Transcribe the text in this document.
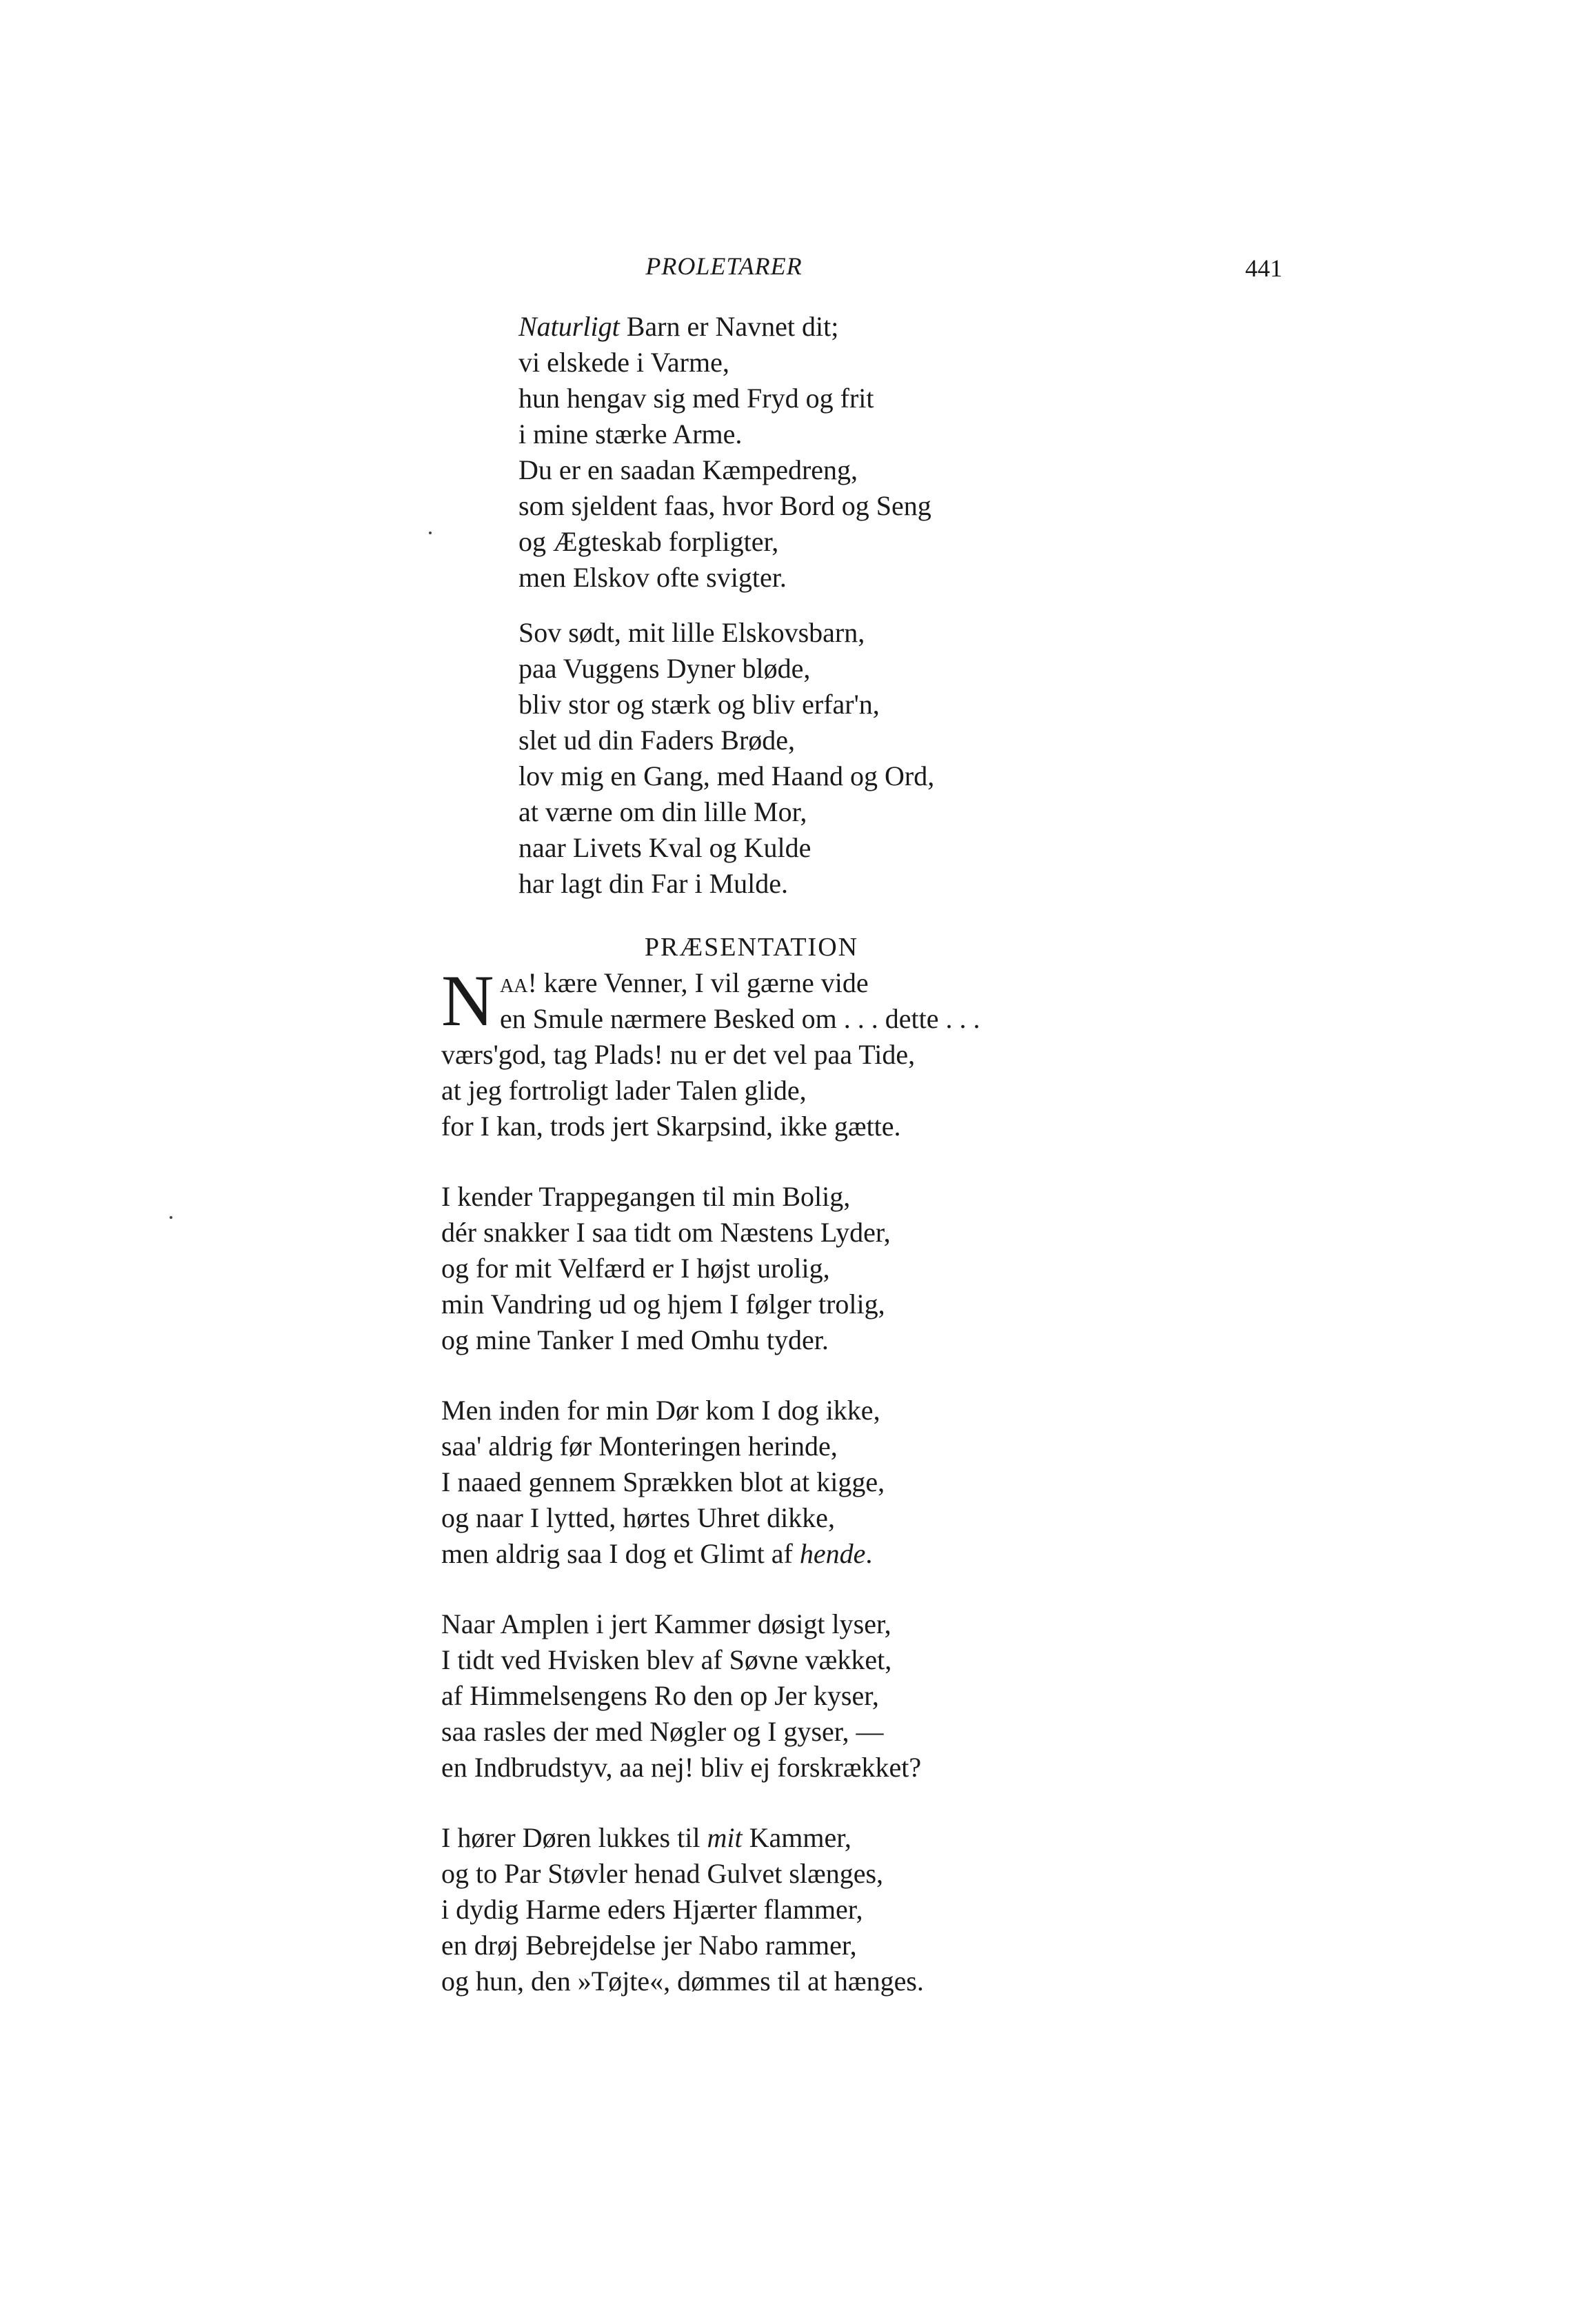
PROLETARER	441
Naturligt Barn er Navnet dit;
vi elskede i Varme,
hun hengav sig med Fryd og frit
i mine stærke Arme.
Du er en saadan Kæmpedreng,
som sjeldent faas, hvor Bord og Seng
og Ægteskab forpligter,
men Elskov ofte svigter.
Sov sødt, mit lille Elskovsbarn,
paa Vuggens Dyner bløde,
bliv stor og stærk og bliv erfar'n,
slet ud din Faders Brøde,
lov mig en Gang, med Haand og Ord,
at værne om din lille Mor,
naar Livets Kval og Kulde
har lagt din Far i Mulde.
PRÆSENTATION
N aa! kære Venner, I vil gærne vide
en Smule nærmere Besked om . . . dette . . .
værs'god, tag Plads! nu er det vel paa Tide,
at jeg fortroligt lader Talen glide,
for I kan, trods jert Skarpsind, ikke gætte.
I kender Trappegangen til min Bolig,
dér snakker I saa tidt om Næstens Lyder,
og for mit Velfærd er I højst urolig,
min Vandring ud og hjem I følger trolig,
og mine Tanker I med Omhu tyder.
Men inden for min Dør kom I dog ikke,
saa' aldrig før Monteringen herinde,
I naaed gennem Sprækken blot at kigge,
og naar I lytted, hørtes Uhret dikke,
men aldrig saa I dog et Glimt af hende.
Naar Amplen i jert Kammer døsigt lyser,
I tidt ved Hvisken blev af Søvne vækket,
af Himmelsengens Ro den op Jer kyser,
saa rasles der med Nøgler og I gyser, —
en Indbrudstyv, aa nej! bliv ej forskrækket?
I hører Døren lukkes til mit Kammer,
og to Par Støvler henad Gulvet slænges,
i dydig Harme eders Hjærter flammer,
en drøj Bebrejdelse jer Nabo rammer,
og hun, den »Tøjte«, dømmes til at hænges.
